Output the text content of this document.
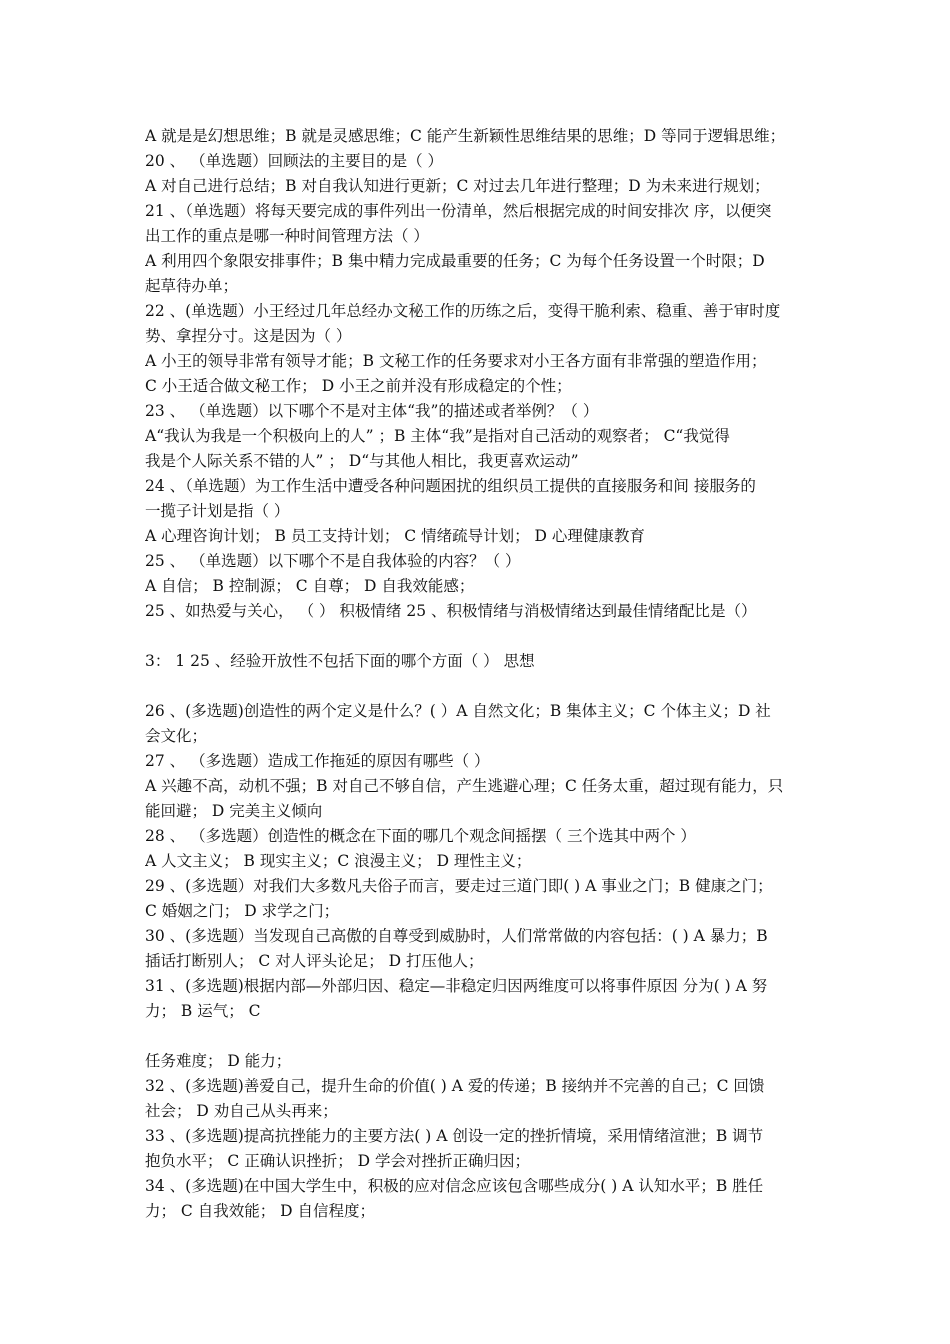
A 就是是幻想思维；B 就是灵感思维；C 能产生新颖性思维结果的思维；D 等同于逻辑思维；
20 、 （单选题）回顾法的主要目的是（ ）
A 对自己进行总结；B 对自我认知进行更新；C 对过去几年进行整理；D 为未来进行规划；
21 、（单选题）将每天要完成的事件列出一份清单，然后根据完成的时间安排次 序，以便突
出工作的重点是哪一种时间管理方法（ ）
A 利用四个象限安排事件；B 集中精力完成最重要的任务；C 为每个任务设置一个时限；D
起草待办单；
22 、(单选题）小王经过几年总经办文秘工作的历练之后，变得干脆利索、稳重、善于审时度
势、拿捏分寸。这是因为（ ）
A 小王的领导非常有领导才能；B 文秘工作的任务要求对小王各方面有非常强的塑造作用；
C 小王适合做文秘工作； D 小王之前并没有形成稳定的个性；
23 、 （单选题）以下哪个不是对主体“我”的描述或者举例？（ ）
A“我认为我是一个积极向上的人” ；B 主体“我”是指对自己活动的观察者； C“我觉得
我是个人际关系不错的人” ； D“与其他人相比，我更喜欢运动”
24 、（单选题）为工作生活中遭受各种问题困扰的组织员工提供的直接服务和间 接服务的
一揽子计划是指（ ）
A 心理咨询计划； B 员工支持计划； C 情绪疏导计划； D 心理健康教育
25 、 （单选题）以下哪个不是自我体验的内容？（ ）
A 自信； B 控制源； C 自尊； D 自我效能感；
25 、如热爱与关心， （ ） 积极情绪 25 、积极情绪与消极情绪达到最佳情绪配比是（）
3： 1 25 、经验开放性不包括下面的哪个方面（ ） 思想
26 、(多选题)创造性的两个定义是什么？( ）A 自然文化；B 集体主义；C 个体主义；D 社
会文化；
27 、 （多选题）造成工作拖延的原因有哪些（ ）
A 兴趣不高，动机不强；B 对自己不够自信，产生逃避心理；C 任务太重，超过现有能力，只
能回避； D 完美主义倾向
28 、 （多选题）创造性的概念在下面的哪几个观念间摇摆（ 三个选其中两个 ）
A 人文主义； B 现实主义；C 浪漫主义； D 理性主义；
29 、(多选题）对我们大多数凡夫俗子而言，要走过三道门即( ) A 事业之门；B 健康之门；
C 婚姻之门； D 求学之门；
30 、(多选题）当发现自己高傲的自尊受到威胁时，人们常常做的内容包括：( ) A 暴力；B
插话打断别人； C 对人评头论足； D 打压他人；
31 、(多选题)根据内部—外部归因、稳定—非稳定归因两维度可以将事件原因 分为( ) A 努
力； B 运气； C
任务难度； D 能力；
32 、(多选题)善爱自己，提升生命的价值( ) A 爱的传递；B 接纳并不完善的自己；C 回馈
社会； D 劝自己从头再来；
33 、(多选题)提高抗挫能力的主要方法( ) A 创设一定的挫折情境，采用情绪渲泄；B 调节
抱负水平； C 正确认识挫折； D 学会对挫折正确归因；
34 、(多选题)在中国大学生中，积极的应对信念应该包含哪些成分( ) A 认知水平；B 胜任
力； C 自我效能； D 自信程度；
